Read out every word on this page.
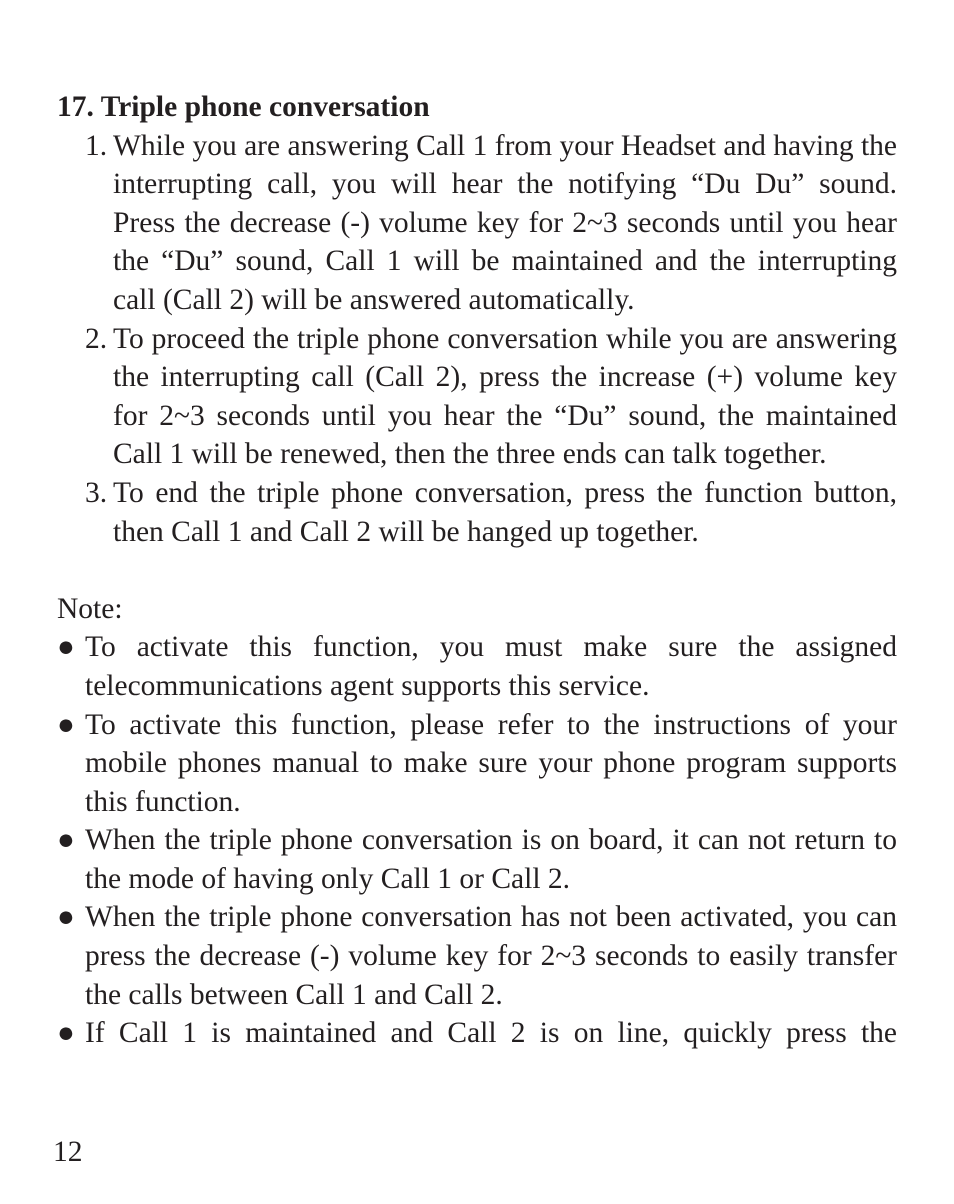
17. Triple phone conversation
1. While you are answering Call 1 from your Headset and having the interrupting call, you will hear the notifying “Du Du” sound. Press the decrease (-) volume key for 2~3 seconds until you hear the “Du” sound, Call 1 will be maintained and the interrupting call (Call 2) will be answered automatically.
2. To proceed the triple phone conversation while you are answering the interrupting call (Call 2), press the increase (+) volume key for 2~3 seconds until you hear the “Du” sound, the maintained Call 1 will be renewed, then the three ends can talk together.
3. To end the triple phone conversation, press the function button, then Call 1 and Call 2 will be hanged up together.
Note:
● To activate this function, you must make sure the assigned telecommunications agent supports this service.
● To activate this function, please refer to the instructions of your mobile phones manual to make sure your phone program supports this function.
● When the triple phone conversation is on board, it can not return to the mode of having only Call 1 or Call 2.
● When the triple phone conversation has not been activated, you can press the decrease (-) volume key for 2~3 seconds to easily transfer the calls between Call 1 and Call 2.
● If Call 1 is maintained and Call 2 is on line, quickly press the
12
